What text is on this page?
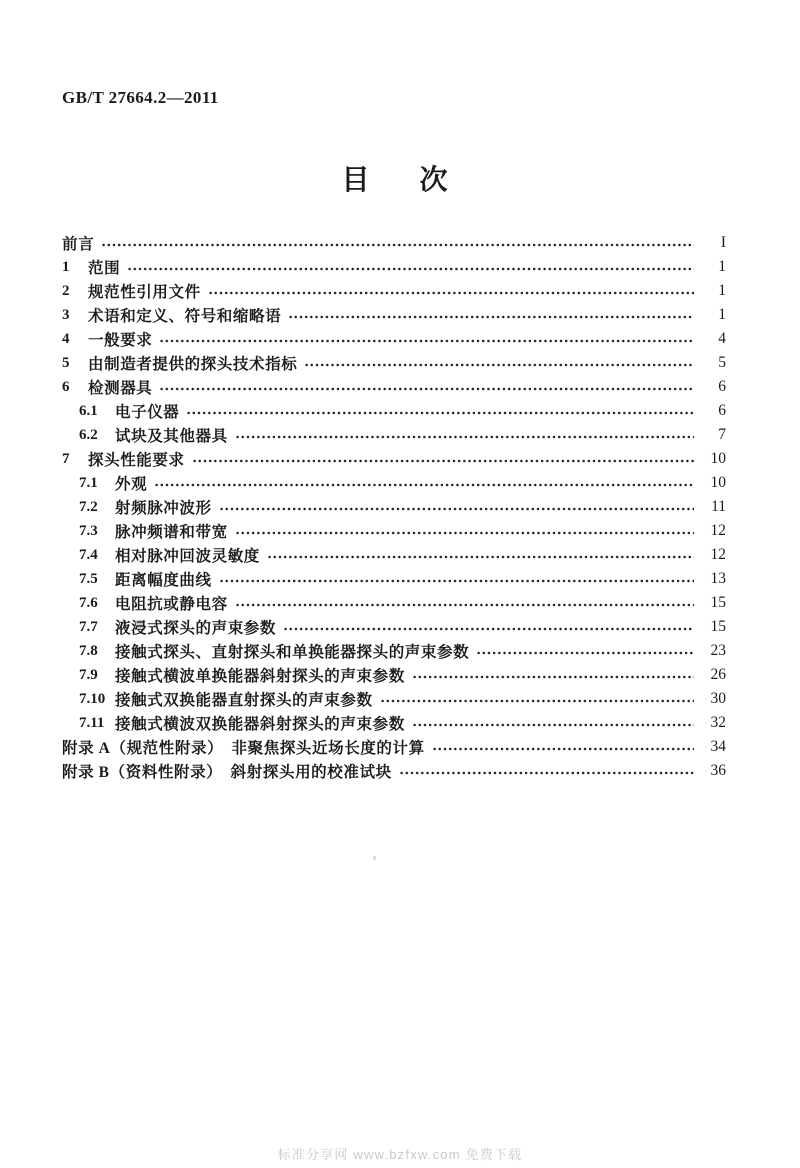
GB/T 27664.2—2011
目　次
前言	I
1	范围	1
2	规范性引用文件	1
3	术语和定义、符号和缩略语	1
4	一般要求	4
5	由制造者提供的探头技术指标	5
6	检测器具	6
6.1	电子仪器	6
6.2	试块及其他器具	7
7	探头性能要求	10
7.1	外观	10
7.2	射频脉冲波形	11
7.3	脉冲频谱和带宽	12
7.4	相对脉冲回波灵敏度	12
7.5	距离幅度曲线	13
7.6	电阻抗或静电容	15
7.7	液浸式探头的声束参数	15
7.8	接触式探头、直射探头和单换能器探头的声束参数	23
7.9	接触式横波单换能器斜射探头的声束参数	26
7.10 接触式双换能器直射探头的声束参数	30
7.11 接触式横波双换能器斜射探头的声束参数	32
附录 A（规范性附录）　非聚焦探头近场长度的计算	34
附录 B（资料性附录）　斜射探头用的校准试块	36
标准分享网 www.bzfxw.com 免费下载
